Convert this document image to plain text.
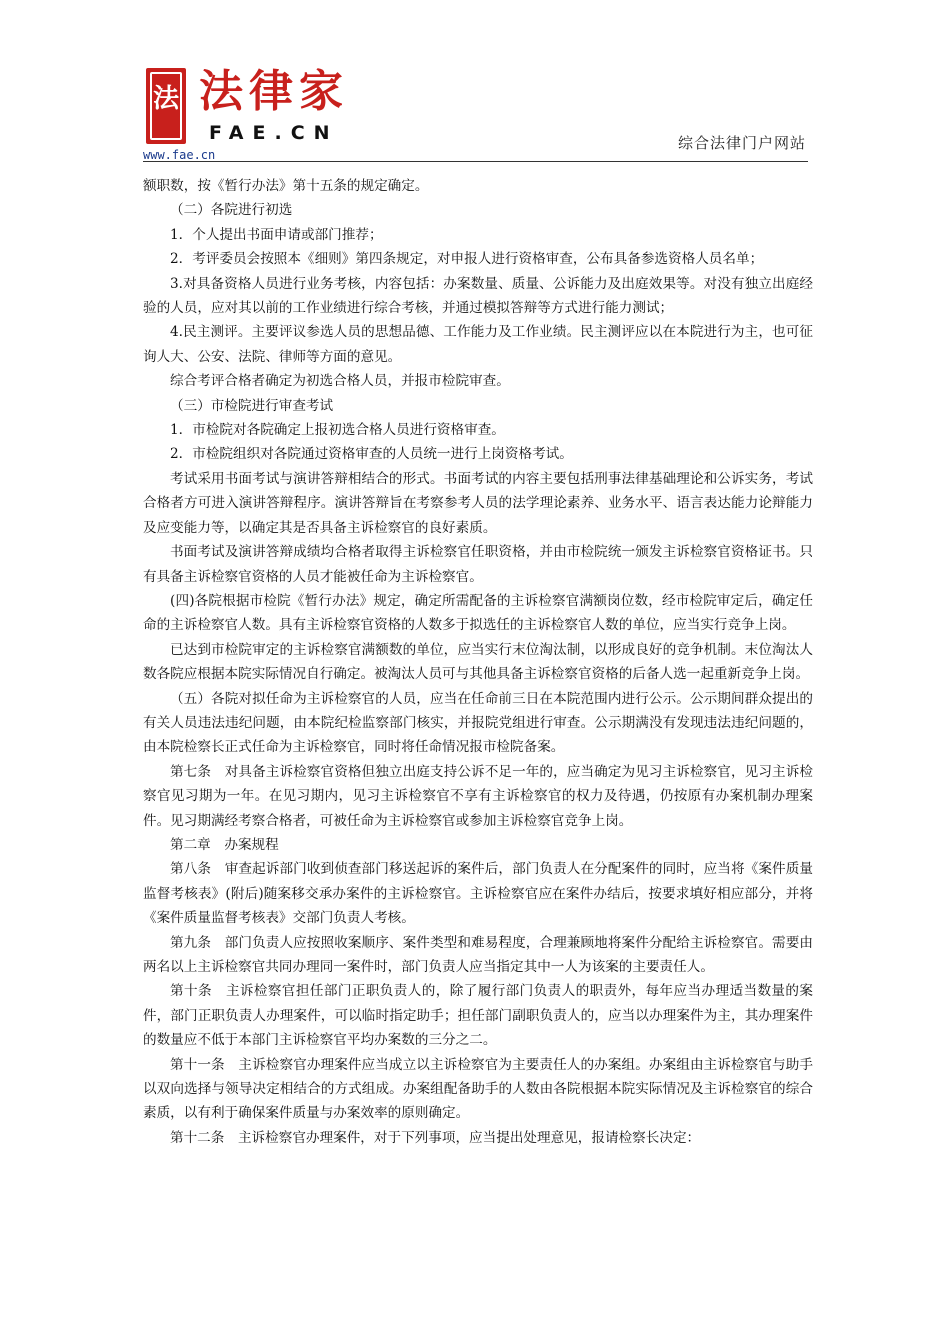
法 法律家
FAE.CN
www.fae.cn
综合法律门户网站

额职数，按《暂行办法》第十五条的规定确定。

（二）各院进行初选

1．个人提出书面申请或部门推荐；

2．考评委员会按照本《细则》第四条规定，对申报人进行资格审查，公布具备参选资格人员名单；

3.对具备资格人员进行业务考核，内容包括：办案数量、质量、公诉能力及出庭效果等。对没有独立出庭经验的人员，应对其以前的工作业绩进行综合考核，并通过模拟答辩等方式进行能力测试；

4.民主测评。主要评议参选人员的思想品德、工作能力及工作业绩。民主测评应以在本院进行为主，也可征询人大、公安、法院、律师等方面的意见。

综合考评合格者确定为初选合格人员，并报市检院审查。

（三）市检院进行审查考试

1．市检院对各院确定上报初选合格人员进行资格审查。

2．市检院组织对各院通过资格审查的人员统一进行上岗资格考试。

考试采用书面考试与演讲答辩相结合的形式。书面考试的内容主要包括刑事法律基础理论和公诉实务，考试合格者方可进入演讲答辩程序。演讲答辩旨在考察参考人员的法学理论素养、业务水平、语言表达能力论辩能力及应变能力等，以确定其是否具备主诉检察官的良好素质。

书面考试及演讲答辩成绩均合格者取得主诉检察官任职资格，并由市检院统一颁发主诉检察官资格证书。只有具备主诉检察官资格的人员才能被任命为主诉检察官。

(四)各院根据市检院《暂行办法》规定，确定所需配备的主诉检察官满额岗位数，经市检院审定后，确定任命的主诉检察官人数。具有主诉检察官资格的人数多于拟选任的主诉检察官人数的单位，应当实行竞争上岗。

已达到市检院审定的主诉检察官满额数的单位，应当实行末位淘汰制，以形成良好的竞争机制。末位淘汰人数各院应根据本院实际情况自行确定。被淘汰人员可与其他具备主诉检察官资格的后备人选一起重新竞争上岗。

（五）各院对拟任命为主诉检察官的人员，应当在任命前三日在本院范围内进行公示。公示期间群众提出的有关人员违法违纪问题，由本院纪检监察部门核实，并报院党组进行审查。公示期满没有发现违法违纪问题的，由本院检察长正式任命为主诉检察官，同时将任命情况报市检院备案。

第七条　对具备主诉检察官资格但独立出庭支持公诉不足一年的，应当确定为见习主诉检察官，见习主诉检察官见习期为一年。在见习期内，见习主诉检察官不享有主诉检察官的权力及待遇，仍按原有办案机制办理案件。见习期满经考察合格者，可被任命为主诉检察官或参加主诉检察官竞争上岗。

第二章　办案规程

第八条　审查起诉部门收到侦查部门移送起诉的案件后，部门负责人在分配案件的同时，应当将《案件质量监督考核表》(附后)随案移交承办案件的主诉检察官。主诉检察官应在案件办结后，按要求填好相应部分，并将《案件质量监督考核表》交部门负责人考核。

第九条　部门负责人应按照收案顺序、案件类型和难易程度，合理兼顾地将案件分配给主诉检察官。需要由两名以上主诉检察官共同办理同一案件时，部门负责人应当指定其中一人为该案的主要责任人。

第十条　主诉检察官担任部门正职负责人的，除了履行部门负责人的职责外，每年应当办理适当数量的案件，部门正职负责人办理案件，可以临时指定助手；担任部门副职负责人的，应当以办理案件为主，其办理案件的数量应不低于本部门主诉检察官平均办案数的三分之二。

第十一条　主诉检察官办理案件应当成立以主诉检察官为主要责任人的办案组。办案组由主诉检察官与助手以双向选择与领导决定相结合的方式组成。办案组配备助手的人数由各院根据本院实际情况及主诉检察官的综合素质，以有利于确保案件质量与办案效率的原则确定。

第十二条　主诉检察官办理案件，对于下列事项，应当提出处理意见，报请检察长决定：
